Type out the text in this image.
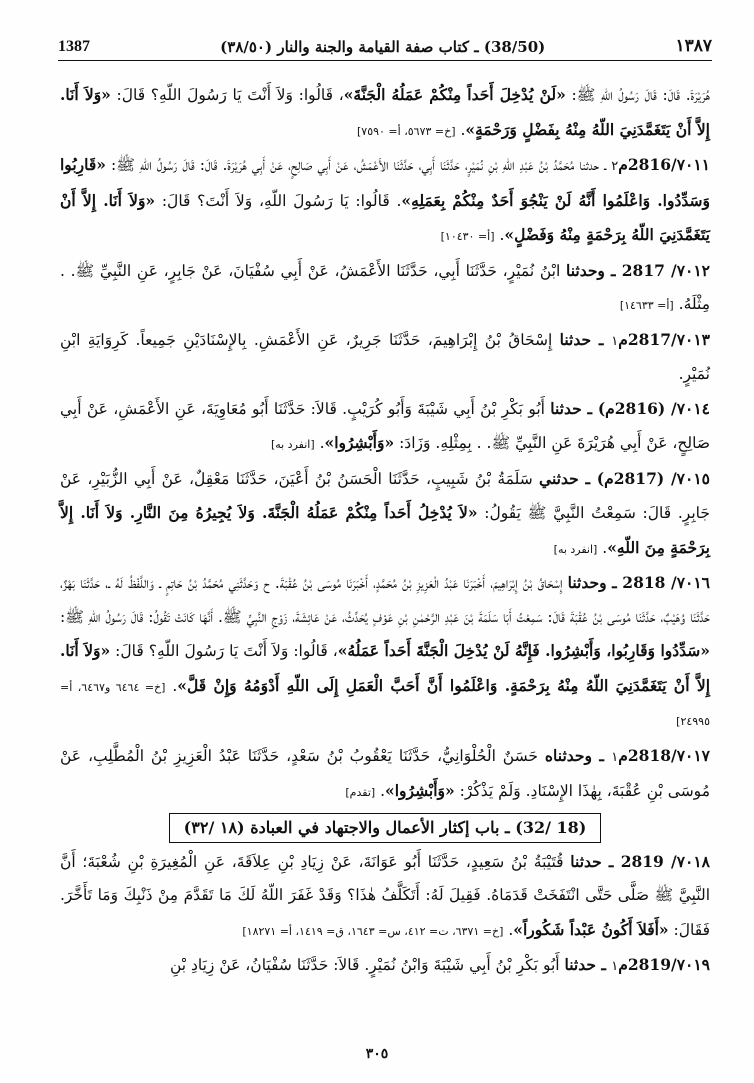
1387	(38/50) ـ كتاب صفة القيامة والجنة والنار (٣٨/٥٠)	١٣٨٧

هُرَيْرَةَ. قَالَ: قَالَ رَسُولُ اللّهِ ﷺ: «لَنْ يُدْخِلَ أَحَداً مِنْكُمْ عَمَلُهُ الْجَنَّةَ»، قَالُوا: وَلاَ أَنْتَ يَا رَسُولَ اللّهِ؟ قَالَ: «وَلاَ أَنَا. إِلاَّ أَنْ يَتَغَمَّدَنِيَ اللّهُ مِنْهُ بِفَضْلٍ وَرَحْمَةٍ». [خ= ٥٦٧٣، أ= ٧٥٩٠]

٧٠١١/2816م٢ ـ حدثنا مُحَمَّدُ بْنُ عَبْدِ اللّهِ بْنِ نُمَيْرٍ، حَدَّثَنَا أَبِي، حَدَّثَنَا الأَعْمَشُ، عَنْ أَبِي صَالِحٍ، عَنْ أَبِي هُرَيْرَةَ. قَالَ: قَالَ رَسُولُ اللّهِ ﷺ: «قَارِبُوا وَسَدِّدُوا. وَاعْلَمُوا أَنَّهُ لَنْ يَنْجُوَ أَحَدٌ مِنْكُمْ بِعَمَلِهِ». قَالُوا: يَا رَسُولَ اللّهِ، وَلاَ أَنْتَ؟ قَالَ: «وَلاَ أَنَا. إِلاَّ أَنْ يَتَغَمَّدَنِيَ اللّهُ بِرَحْمَةٍ مِنْهُ وَفَضْلٍ». [أ= ١٠٤٣٠]

٧٠١٢/ 2817 ـ وحدثنا ابْنُ نُمَيْرٍ، حَدَّثَنَا أَبِي، حَدَّثَنَا الأَعْمَشُ، عَنْ أَبِي سُفْيَانَ، عَنْ جَابِرٍ، عَنِ النَّبِيِّ ﷺ. . مِثْلَهُ. [أ= ١٤٦٣٣]

٧٠١٣/2817م١ ـ حدثنا إِسْحَاقُ بْنُ إِبْرَاهِيمَ، حَدَّثَنَا جَرِيرٌ، عَنِ الأَعْمَشِ. بِالإِسْنَادَيْنِ جَمِيعاً. كَرِوَايَةِ ابْنِ نُمَيْرٍ.

٧٠١٤/ (2816م) ـ حدثنا أَبُو بَكْرِ بْنُ أَبِي شَيْبَةَ وَأَبُو كُرَيْبٍ. قَالاَ: حَدَّثَنَا أَبُو مُعَاوِيَةَ، عَنِ الأَعْمَشِ، عَنْ أَبِي صَالِحٍ، عَنْ أَبِي هُرَيْرَةَ عَنِ النَّبِيِّ ﷺ. . بِمِثْلِهِ. وَزَادَ: «وَأَبْشِرُوا». [انفرد به]

٧٠١٥/ (2817م) ـ حدثني سَلَمَةُ بْنُ شَبِيبٍ، حَدَّثَنَا الْحَسَنُ بْنُ أَعْيَنَ، حَدَّثَنَا مَعْقِلٌ، عَنْ أَبِي الزُّبَيْرِ، عَنْ جَابِرٍ. قَالَ: سَمِعْتُ النَّبِيَّ ﷺ يَقُولُ: «لاَ يُدْخِلُ أَحَداً مِنْكُمْ عَمَلُهُ الْجَنَّةَ. وَلاَ يُجِيرُهُ مِنَ النَّارِ. وَلاَ أَنَا. إِلاَّ بِرَحْمَةٍ مِنَ اللّهِ». [انفرد به]

٧٠١٦/ 2818 ـ وحدثنا إِسْحَاقُ بْنُ إِبْرَاهِيمَ، أَخْبَرَنَا عَبْدُ الْعَزِيزِ بْنُ مُحَمَّدٍ، أَخْبَرَنَا مُوسَى بْنُ عُقْبَةَ. ح وَحَدَّثَنِي مُحَمَّدُ بْنُ حَاتِمٍ ـ وَاللَّفْظُ لَهُ ـ، حَدَّثَنَا بَهْزٌ، حَدَّثَنَا وُهَيْبٌ، حَدَّثَنَا مُوسَى بْنُ عُقْبَةَ قَالَ: سَمِعْتُ أَبَا سَلَمَةَ بْنَ عَبْدِ الرَّحْمٰنِ بْنِ عَوْفٍ يُحَدِّثُ، عَنْ عَائِشَةَ، زَوْجِ النَّبِيِّ ﷺ. أَنَّهَا كَانَتْ تَقُولُ: قَالَ رَسُولُ اللّهِ ﷺ: «سَدِّدُوا وَقَارِبُوا، وَأَبْشِرُوا. فَإِنَّهُ لَنْ يُدْخِلَ الْجَنَّةَ أَحَداً عَمَلُهُ»، قَالُوا: وَلاَ أَنْتَ يَا رَسُولَ اللّهِ؟ قَالَ: «وَلاَ أَنَا. إِلاَّ أَنْ يَتَغَمَّدَنِيَ اللّهُ مِنْهُ بِرَحْمَةٍ. وَاعْلَمُوا أَنَّ أَحَبَّ الْعَمَلِ إِلَى اللّهِ أَدْوَمُهُ وَإِنْ قَلَّ». [خ= ٦٤٦٤ و٦٤٦٧، أ= ٢٤٩٩٥]

٧٠١٧/2818م١ ـ وحدثناه حَسَنٌ الْحُلْوَانِيُّ، حَدَّثَنَا يَعْقُوبُ بْنُ سَعْدٍ، حَدَّثَنَا عَبْدُ الْعَزِيزِ بْنُ الْمُطَّلِبِ، عَنْ مُوسَى بْنِ عُقْبَةَ، بِهٰذَا الإِسْنَادِ. وَلَمْ يَذْكُرْ: «وَأَبْشِرُوا». [تقدم]

(18 /32) ـ باب إكثار الأعمال والاجتهاد في العبادة (١٨ /٣٢)

٧٠١٨/ 2819 ـ حدثنا قُتَيْبَةُ بْنُ سَعِيدٍ، حَدَّثَنَا أَبُو عَوَانَةَ، عَنْ زِيَادِ بْنِ عِلاَقَةَ، عَنِ الْمُغِيرَةِ بْنِ شُعْبَةَ؛ أَنَّ النَّبِيَّ ﷺ صَلَّى حَتَّى انْتَفَخَتْ قَدَمَاهُ. فَقِيلَ لَهُ: أَتَكَلَّفُ هٰذَا؟ وَقَدْ غَفَرَ اللّهُ لَكَ مَا تَقَدَّمَ مِنْ ذَنْبِكَ وَمَا تَأَخَّرَ. فَقَالَ: «أَفَلاَ أَكُونُ عَبْداً شَكُوراً». [خ= ٦٣٧١، ت= ٤١٢، س= ١٦٤٣، ق= ١٤١٩، أ= ١٨٢٧١]

٧٠١٩/2819م١ ـ حدثنا أَبُو بَكْرِ بْنُ أَبِي شَيْبَةَ وَابْنُ نُمَيْرٍ. قَالاَ: حَدَّثَنَا سُفْيَانُ، عَنْ زِيَادِ بْنِ

٣٠٥
